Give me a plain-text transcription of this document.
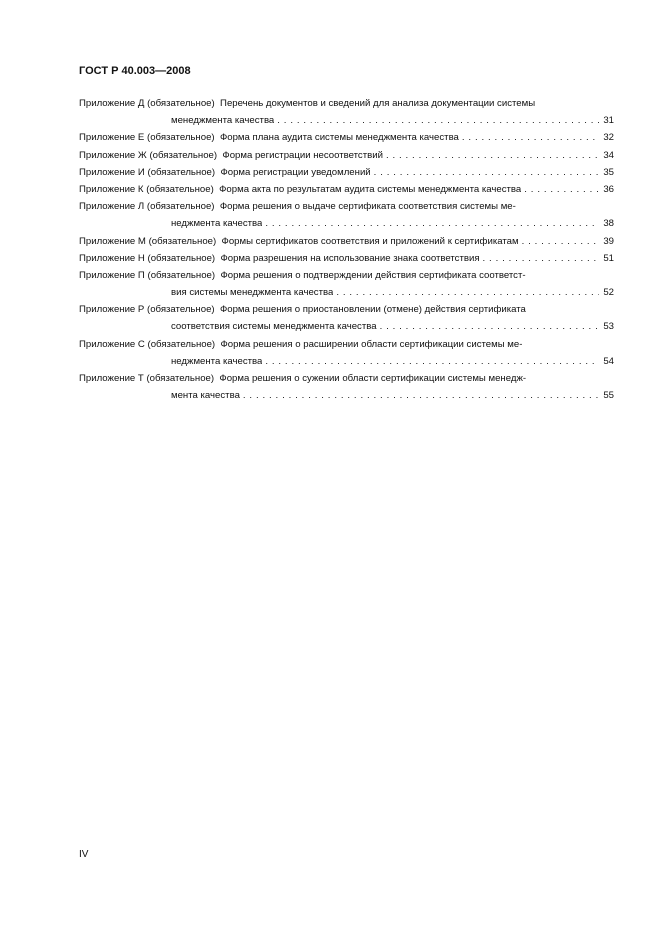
ГОСТ Р 40.003—2008
Приложение Д (обязательное) Перечень документов и сведений для анализа документации системы
менеджмента качества . . .	31
Приложение Е (обязательное) Форма плана аудита системы менеджмента качества . . .	32
Приложение Ж (обязательное) Форма регистрации несоответствий . . .	34
Приложение И (обязательное) Форма регистрации уведомлений . . .	35
Приложение К (обязательное) Форма акта по результатам аудита системы менеджмента качества . . .	36
Приложение Л (обязательное) Форма решения о выдаче сертификата соответствия системы ме-
неджмента качества . . .	38
Приложение М (обязательное) Формы сертификатов соответствия и приложений к сертификатам . . .	39
Приложение Н (обязательное) Форма разрешения на использование знака соответствия . . .	51
Приложение П (обязательное) Форма решения о подтверждении действия сертификата соответст-
вия системы менеджмента качества . . .	52
Приложение Р (обязательное) Форма решения о приостановлении (отмене) действия сертификата
соответствия системы менеджмента качества . . .	53
Приложение С (обязательное) Форма решения о расширении области сертификации системы ме-
неджмента качества . . .	54
Приложение Т (обязательное) Форма решения о сужении области сертификации системы менедж-
мента качества . . .	55
IV
